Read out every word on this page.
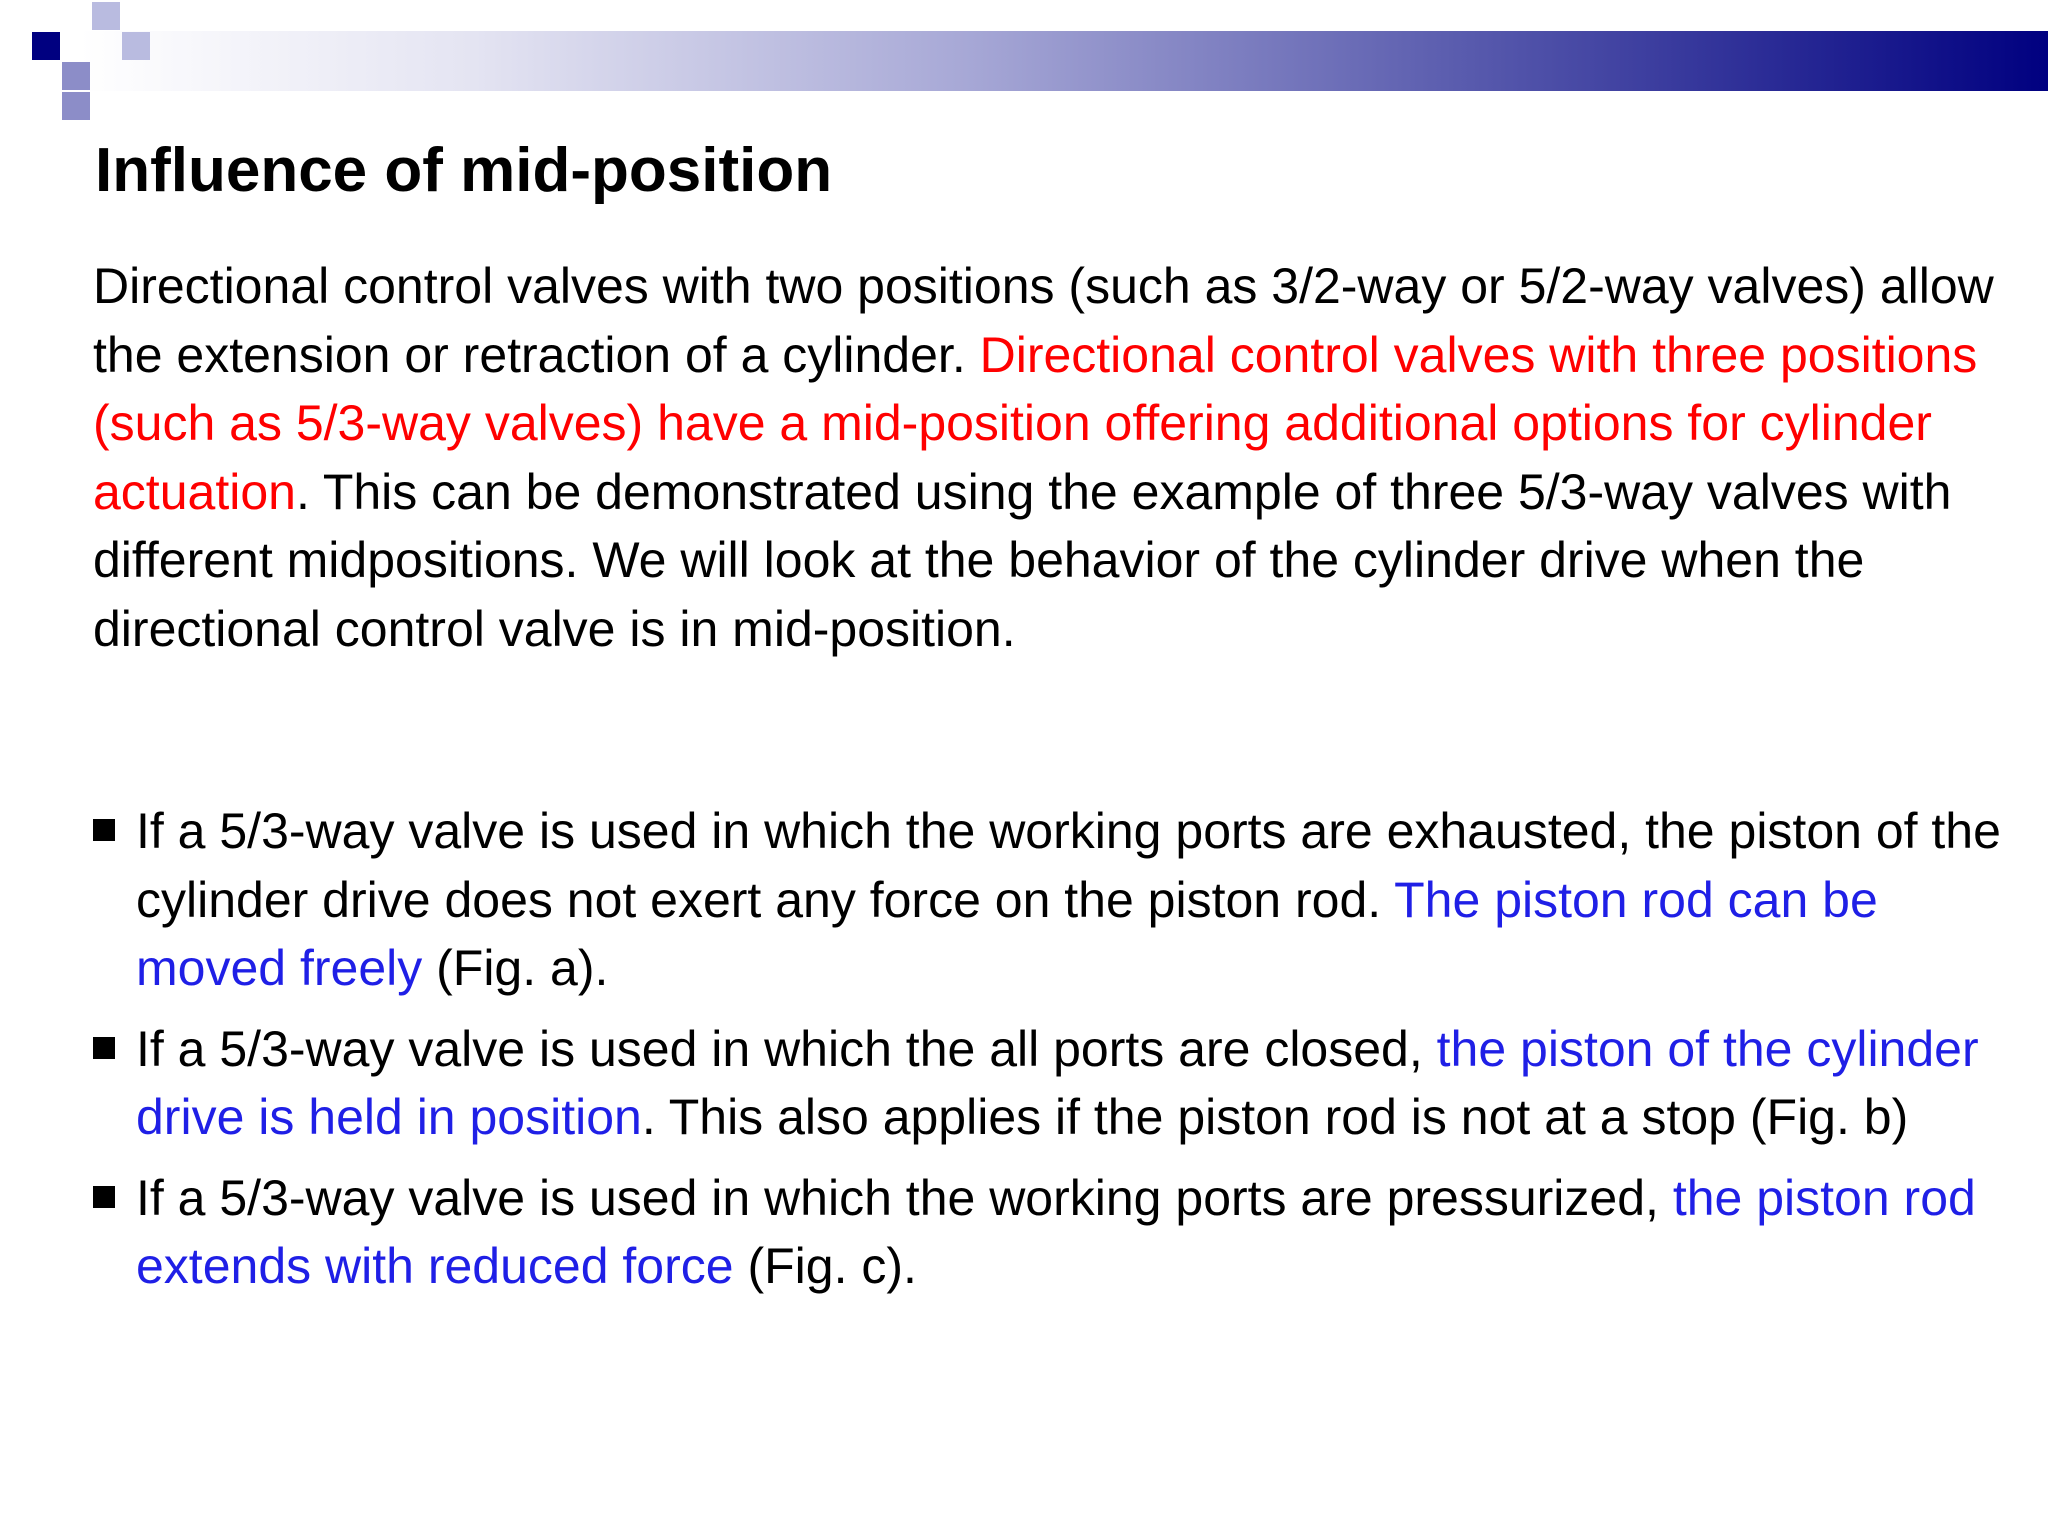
Influence of mid-position

Directional control valves with two positions (such as 3/2-way or 5/2-way valves) allow the extension or retraction of a cylinder. Directional control valves with three positions (such as 5/3-way valves) have a mid-position offering additional options for cylinder actuation. This can be demonstrated using the example of three 5/3-way valves with different midpositions. We will look at the behavior of the cylinder drive when the directional control valve is in mid-position.

If a 5/3-way valve is used in which the working ports are exhausted, the piston of the cylinder drive does not exert any force on the piston rod. The piston rod can be moved freely (Fig. a).
If a 5/3-way valve is used in which the all ports are closed, the piston of the cylinder drive is held in position. This also applies if the piston rod is not at a stop (Fig. b)
If a 5/3-way valve is used in which the working ports are pressurized, the piston rod extends with reduced force (Fig. c).
